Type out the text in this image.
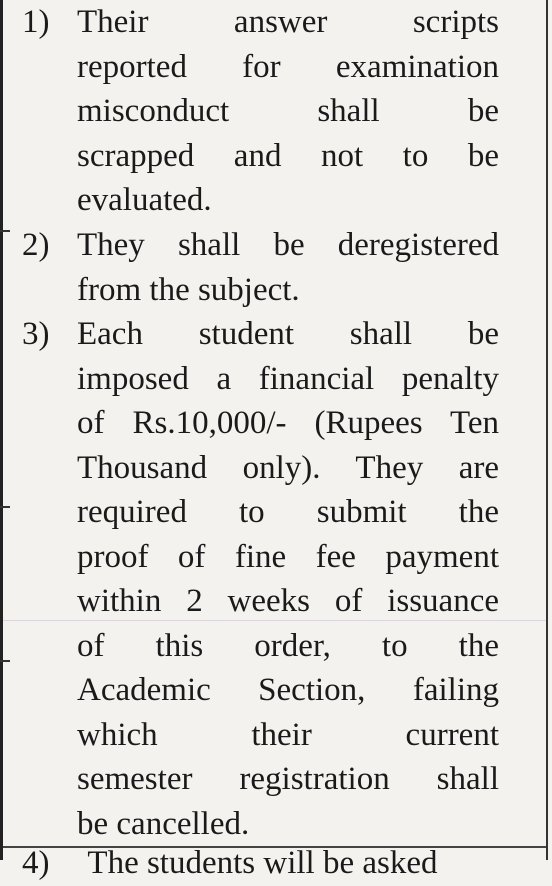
1) Their answer scripts
reported for examination
misconduct shall be
scrapped and not to be
evaluated.
2) They shall be deregistered
from the subject.
3) Each student shall be
imposed a financial penalty
of Rs.10,000/- (Rupees Ten
Thousand only). They are
required to submit the
proof of fine fee payment
within 2 weeks of issuance
of this order, to the
Academic Section, failing
which their current
semester registration shall
be cancelled.
4) The students will be asked
